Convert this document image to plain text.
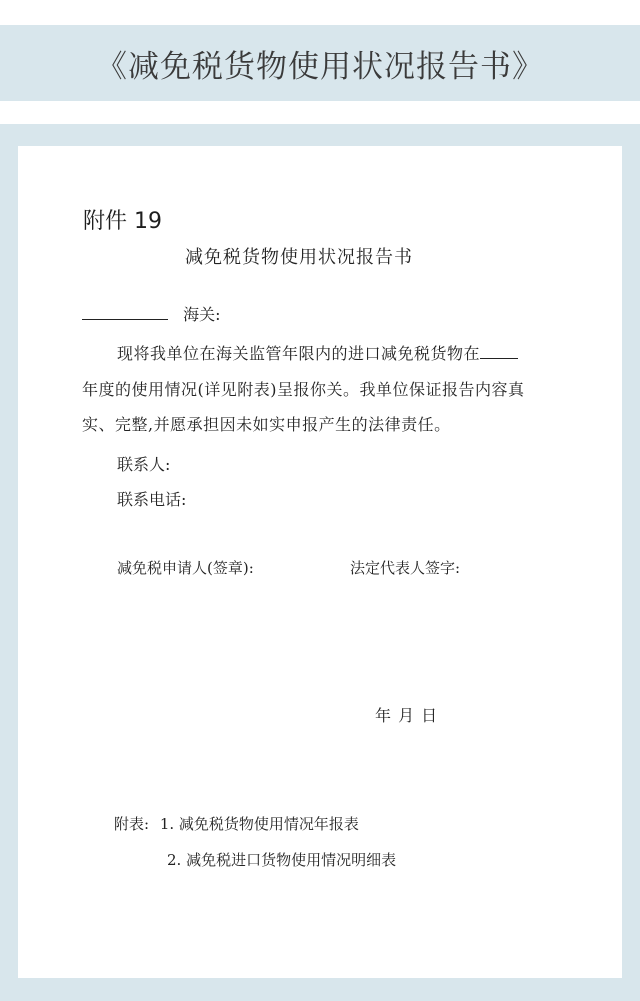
《减免税货物使用状况报告书》
附件 19
减免税货物使用状况报告书
海关:
现将我单位在海关监管年限内的进口减免税货物在
年度的使用情况(详见附表)呈报你关。我单位保证报告内容真
实、完整,并愿承担因未如实申报产生的法律责任。
联系人:
联系电话:
减免税申请人(签章):	法定代表人签字:
年 月 日
附表: 1. 减免税货物使用情况年报表
2. 减免税进口货物使用情况明细表
